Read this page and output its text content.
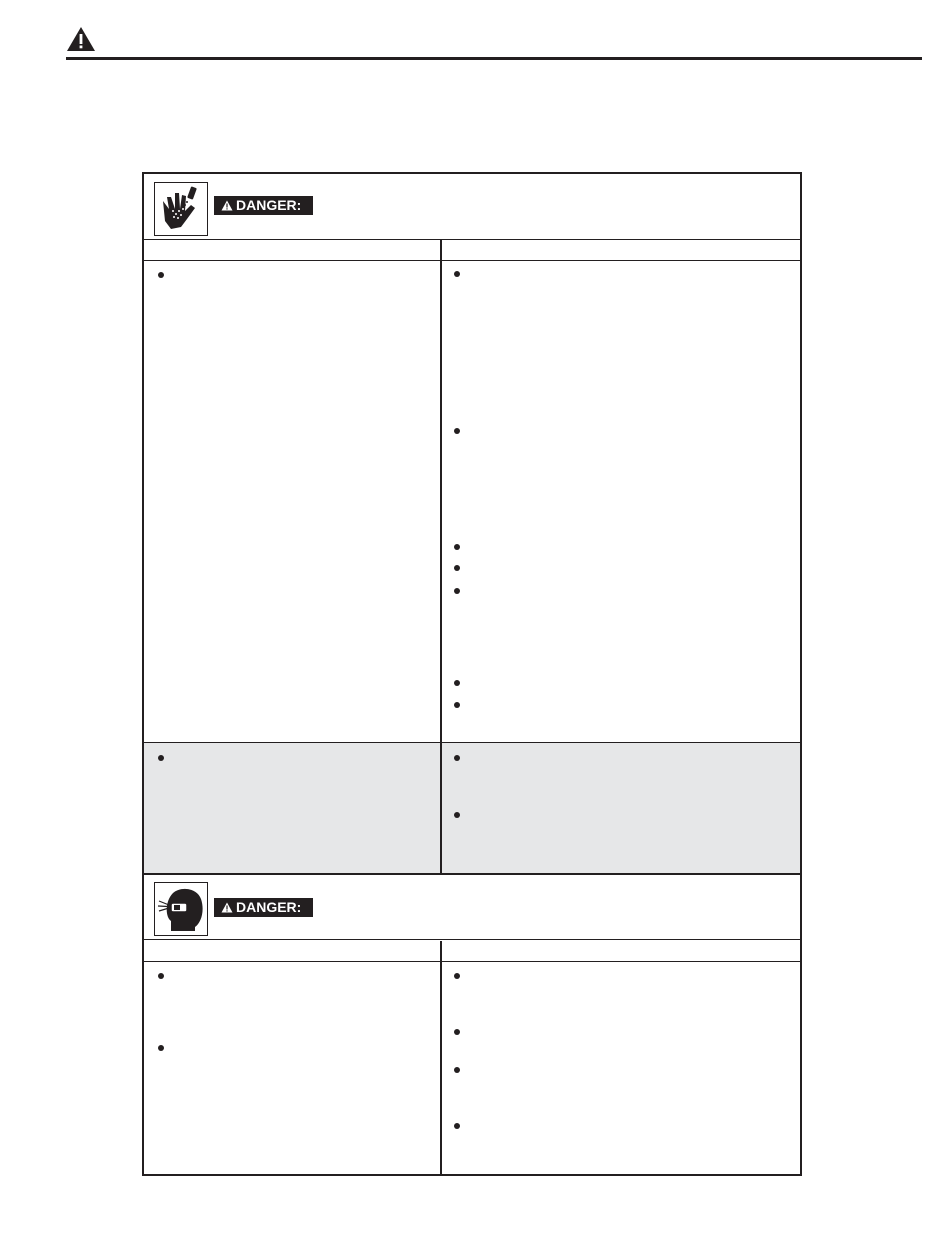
DANGER:
DANGER:
